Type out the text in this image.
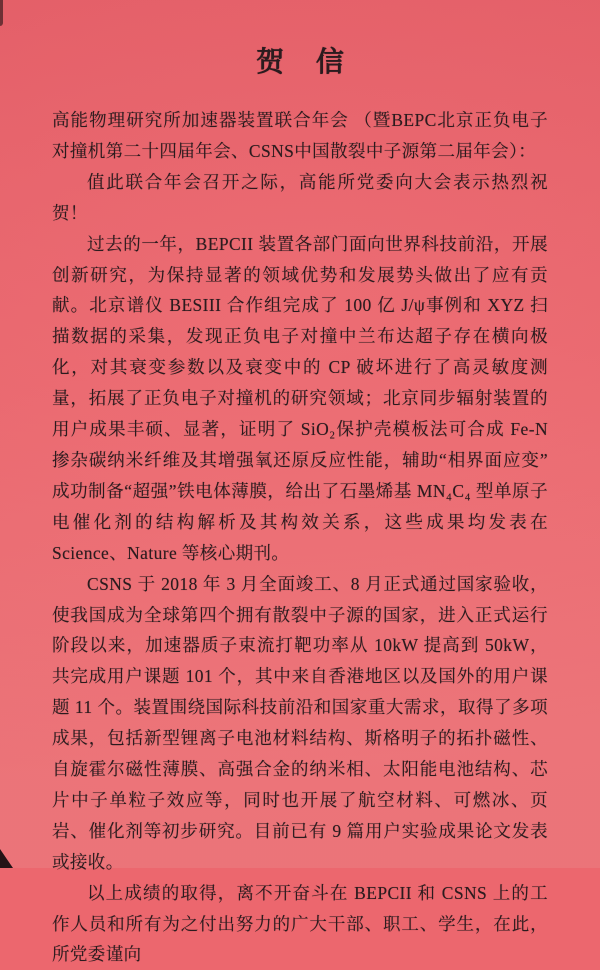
贺 信

高能物理研究所加速器装置联合年会 （暨BEPC北京正负电子对撞机第二十四届年会、CSNS中国散裂中子源第二届年会）：

值此联合年会召开之际，高能所党委向大会表示热烈祝贺！

过去的一年，BEPCII 装置各部门面向世界科技前沿，开展创新研究，为保持显著的领域优势和发展势头做出了应有贡献。北京谱仪 BESIII 合作组完成了 100 亿 J/ψ事例和 XYZ 扫描数据的采集，发现正负电子对撞中兰布达超子存在横向极化，对其衰变参数以及衰变中的 CP 破坏进行了高灵敏度测量，拓展了正负电子对撞机的研究领域；北京同步辐射装置的用户成果丰硕、显著，证明了 SiO₂保护壳模板法可合成 Fe-N 掺杂碳纳米纤维及其增强氧还原反应性能，辅助“相界面应变”成功制备“超强”铁电体薄膜，给出了石墨烯基 MN₄C₄ 型单原子电催化剂的结构解析及其构效关系，这些成果均发表在 Science、Nature 等核心期刊。

CSNS 于 2018 年 3 月全面竣工、8 月正式通过国家验收，使我国成为全球第四个拥有散裂中子源的国家，进入正式运行阶段以来，加速器质子束流打靶功率从 10kW 提高到 50kW，共完成用户课题 101 个，其中来自香港地区以及国外的用户课题 11 个。装置围绕国际科技前沿和国家重大需求，取得了多项成果，包括新型锂离子电池材料结构、斯格明子的拓扑磁性、自旋霍尔磁性薄膜、高强合金的纳米相、太阳能电池结构、芯片中子单粒子效应等，同时也开展了航空材料、可燃冰、页岩、催化剂等初步研究。目前已有 9 篇用户实验成果论文发表或接收。

以上成绩的取得，离不开奋斗在 BEPCII 和 CSNS 上的工作人员和所有为之付出努力的广大干部、职工、学生，在此，所党委谨向
